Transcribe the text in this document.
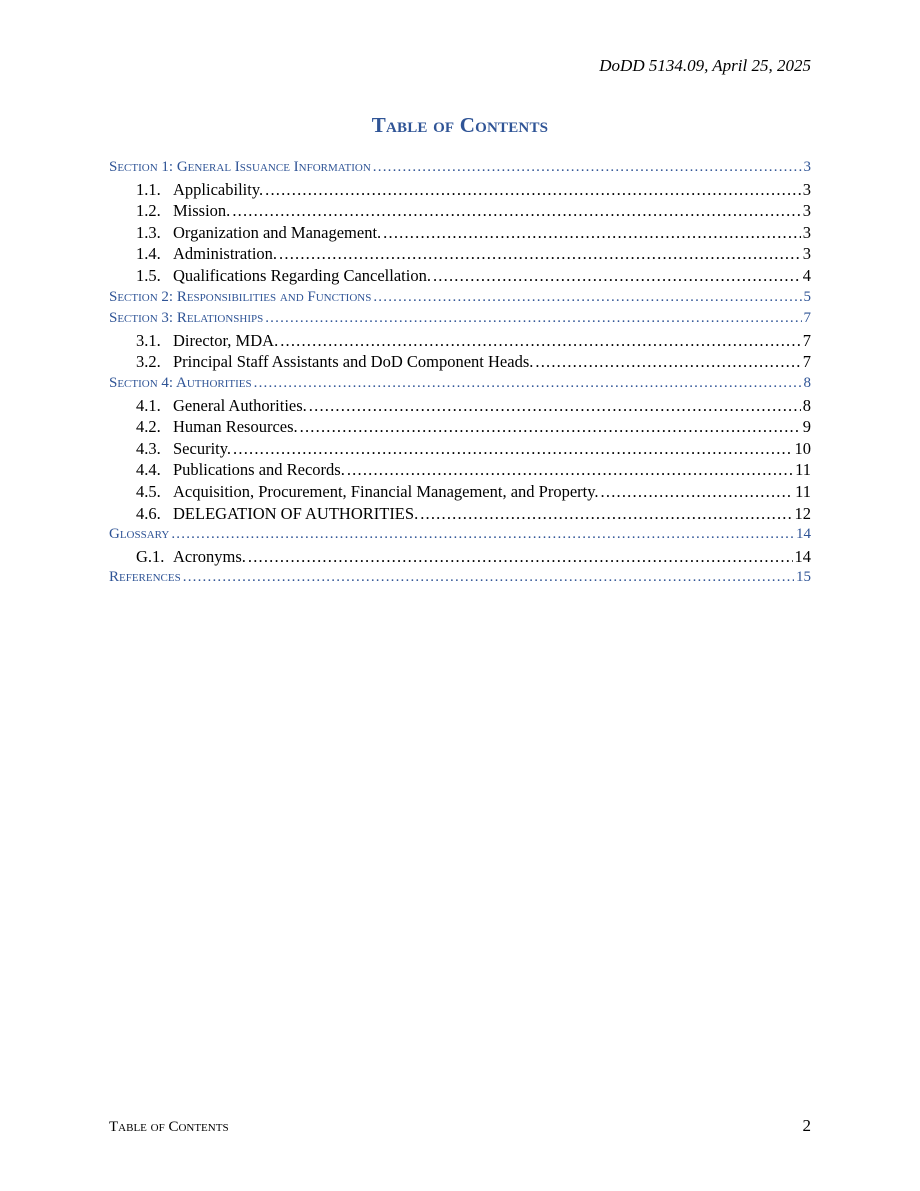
DoDD 5134.09, April 25, 2025
Table of Contents
Section 1: General Issuance Information .....	3
1.1. Applicability. .....	3
1.2. Mission. .....	3
1.3. Organization and Management. .....	3
1.4. Administration. .....	3
1.5. Qualifications Regarding Cancellation. .....	4
Section 2: Responsibilities and Functions .....	5
Section 3: Relationships .....	7
3.1. Director, MDA. .....	7
3.2. Principal Staff Assistants and DoD Component Heads. .....	7
Section 4: Authorities .....	8
4.1. General Authorities. .....	8
4.2. Human Resources. .....	9
4.3. Security. .....	10
4.4. Publications and Records. .....	11
4.5. Acquisition, Procurement, Financial Management, and Property. .....	11
4.6. DELEGATION OF AUTHORITIES. .....	12
Glossary .....	14
G.1. Acronyms. .....	14
References .....	15
Table of Contents	2
